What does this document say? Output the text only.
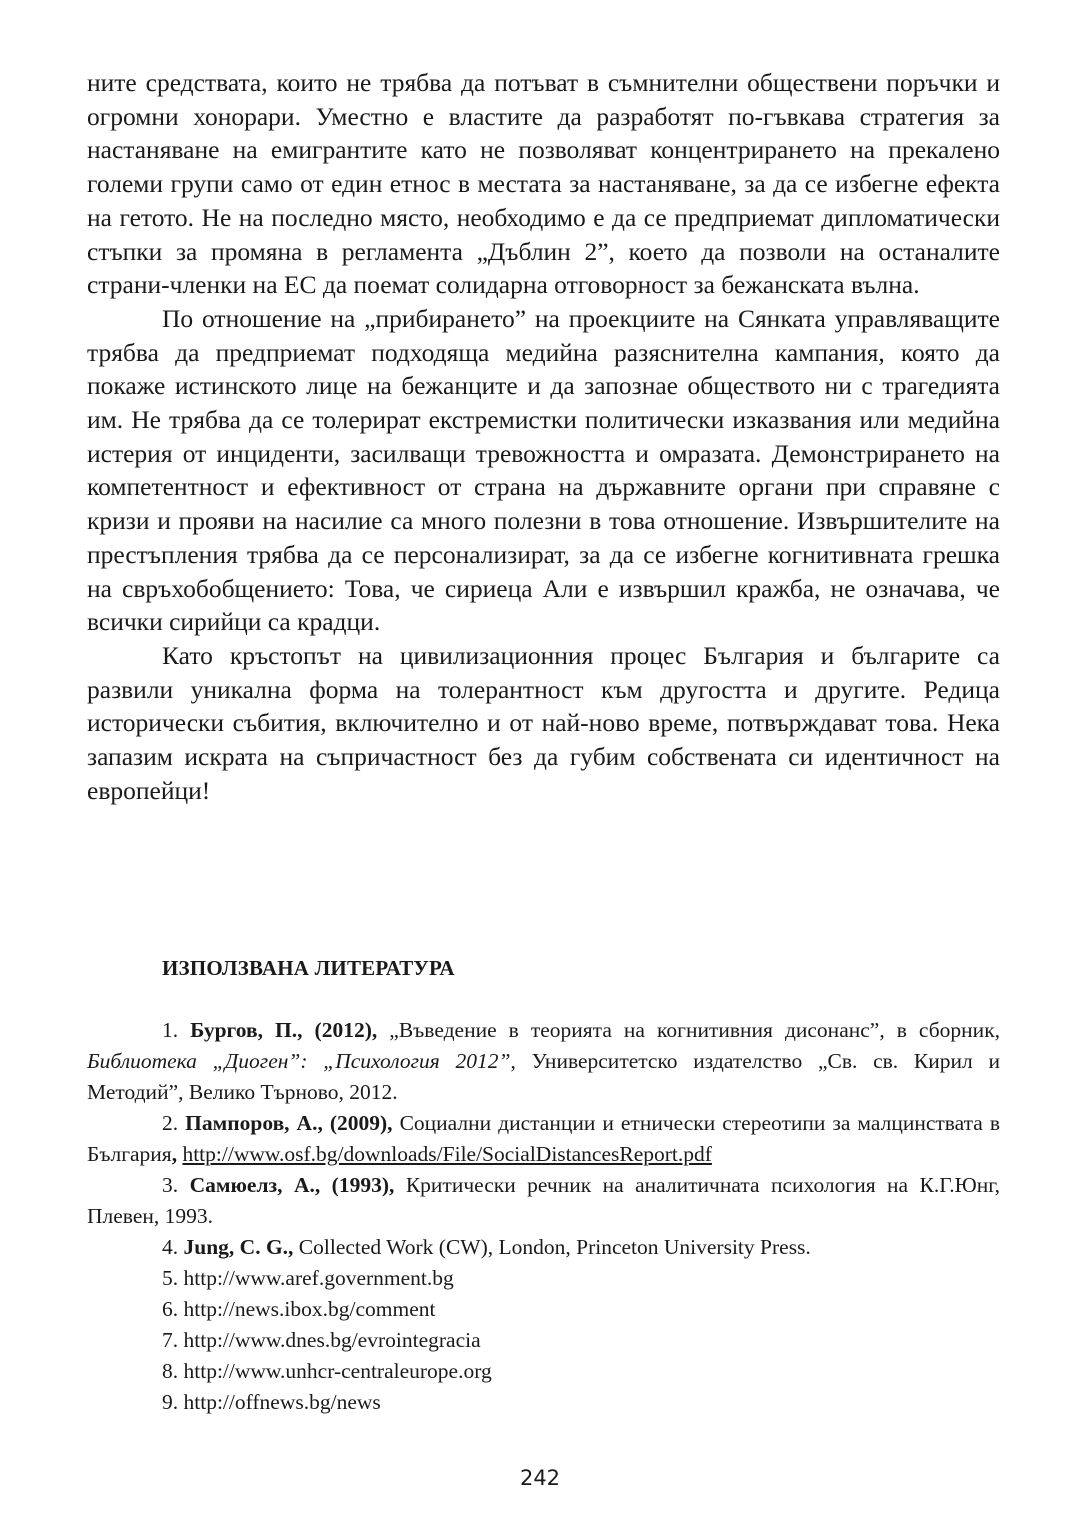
ните средствата, които не трябва да потъват в съмнителни обществени поръчки и огромни хонорари. Уместно е властите да разработят по-гъвкава стратегия за настаняване на емигрантите като не позволяват концентрирането на прекалено големи групи само от един етнос в местата за настаняване, за да се избегне ефекта на гетото. Не на последно място, необходимо е да се предприемат дипломатически стъпки за промяна в регламента „Дъблин 2”, което да позволи на останалите страни-членки на ЕС да поемат солидарна отговорност за бежанската вълна.

По отношение на „прибирането” на проекциите на Сянката управляващите трябва да предприемат подходяща медийна разяснителна кампания, която да покаже истинското лице на бежанците и да запознае обществото ни с трагедията им. Не трябва да се толерират екстремистки политически изказвания или медийна истерия от инциденти, засилващи тревожността и омразата. Демонстрирането на компетентност и ефективност от страна на държавните органи при справяне с кризи и прояви на насилие са много полезни в това отношение. Извършителите на престъпления трябва да се персонализират, за да се избегне когнитивната грешка на свръхобобщението: Това, че сириеца Али е извършил кражба, не означава, че всички сирийци са крадци.

Като кръстопът на цивилизационния процес България и българите са развили уникална форма на толерантност към другостта и другите. Редица исторически събития, включително и от най-ново време, потвърждават това. Нека запазим искрата на съпричастност без да губим собствената си идентичност на европейци!

ИЗПОЛЗВАНА ЛИТЕРАТУРА

1. Бургов, П., (2012), „Въведение в теорията на когнитивния дисонанс”, в сборник, Библиотека „Диоген”: „Психология 2012”, Университетско издателство „Св. св. Кирил и Методий”, Велико Търново, 2012.

2. Пампоров, А., (2009), Социални дистанции и етнически стереотипи за малцинствата в България, http://www.osf.bg/downloads/File/SocialDistancesReport.pdf

3. Самюелз, А., (1993), Критически речник на аналитичната психология на К.Г.Юнг, Плевен, 1993.

4. Jung, C. G., Collected Work (CW), London, Princeton University Press.

5. http://www.aref.government.bg

6. http://news.ibox.bg/comment

7. http://www.dnes.bg/evrointegracia

8. http://www.unhcr-centraleurope.org

9. http://offnews.bg/news

242
